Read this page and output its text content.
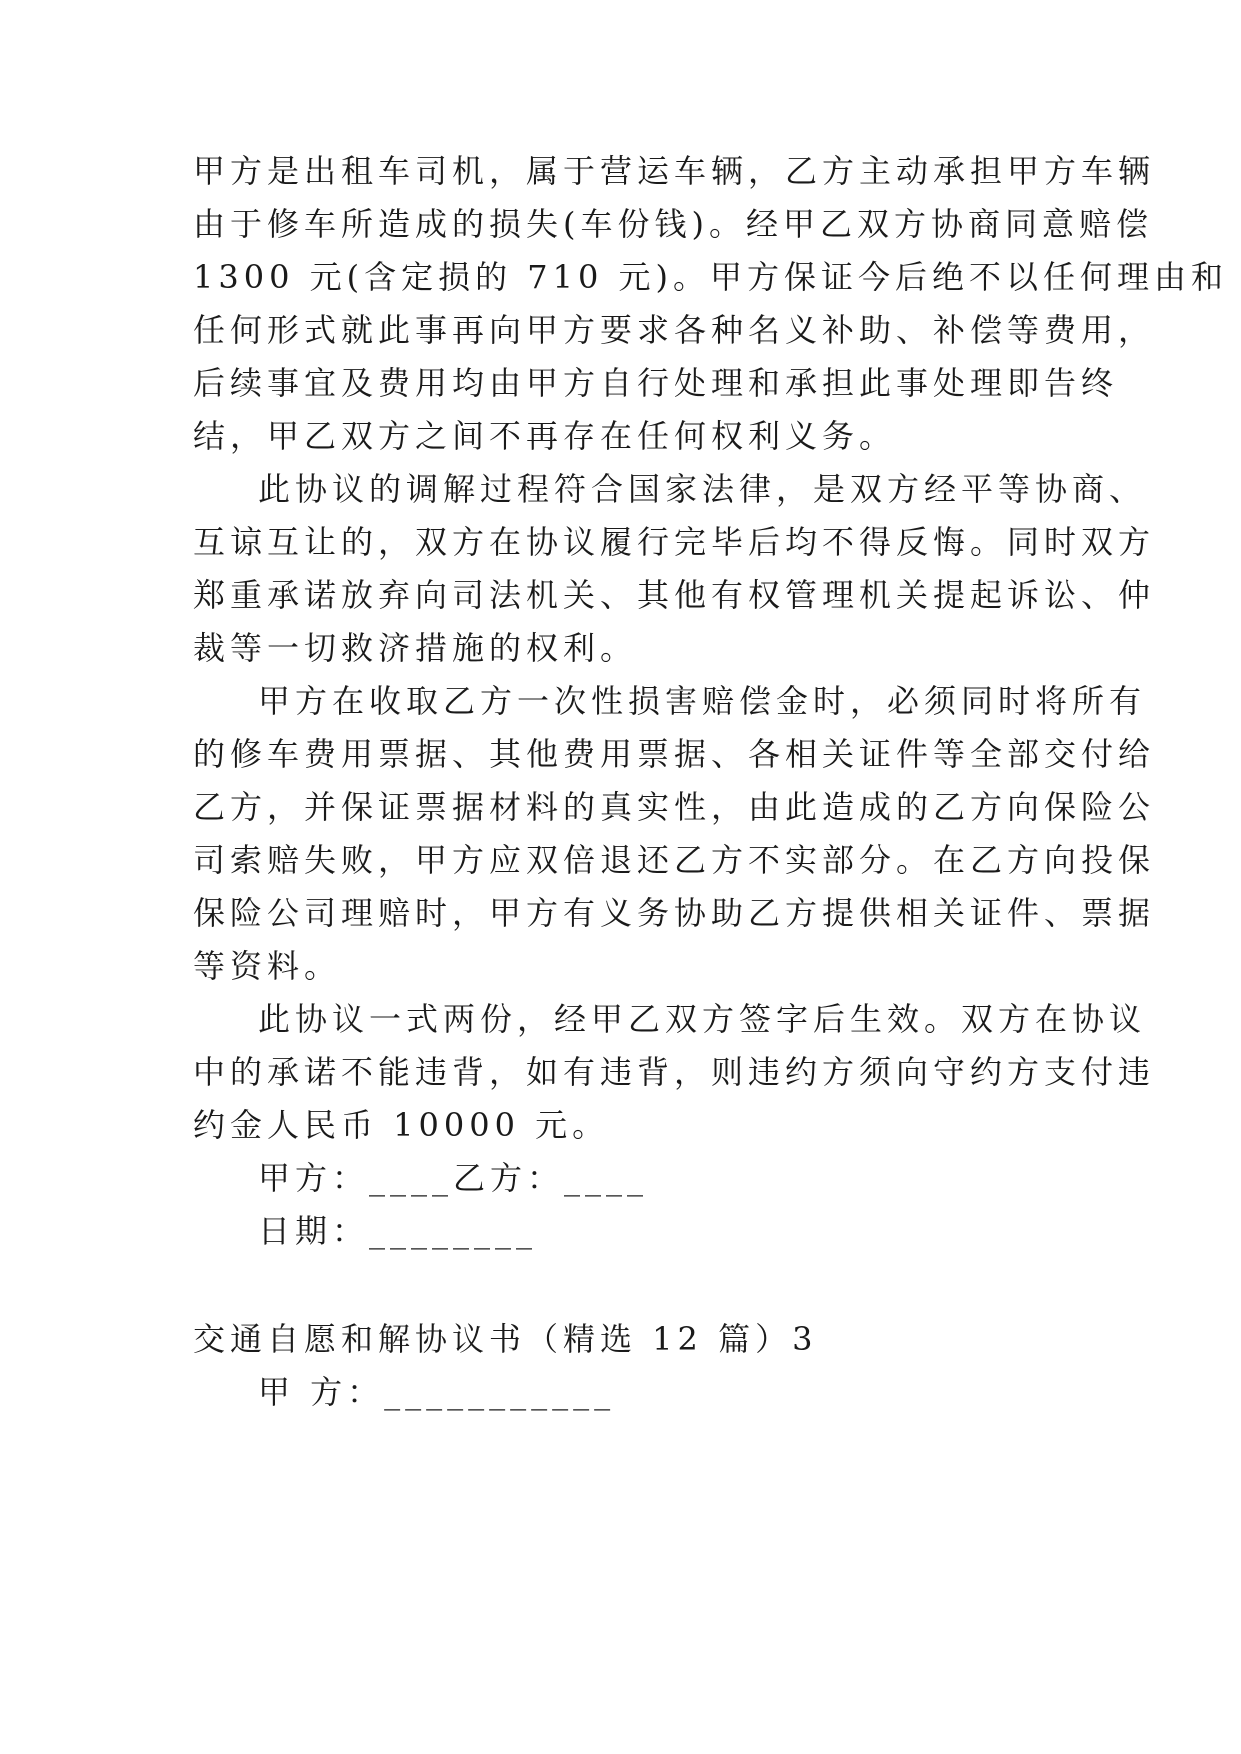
甲方是出租车司机，属于营运车辆，乙方主动承担甲方车辆
由于修车所造成的损失(车份钱)。经甲乙双方协商同意赔偿
1300 元(含定损的 710 元)。甲方保证今后绝不以任何理由和
任何形式就此事再向甲方要求各种名义补助、补偿等费用，
后续事宜及费用均由甲方自行处理和承担此事处理即告终
结，甲乙双方之间不再存在任何权利义务。
此协议的调解过程符合国家法律，是双方经平等协商、
互谅互让的，双方在协议履行完毕后均不得反悔。同时双方
郑重承诺放弃向司法机关、其他有权管理机关提起诉讼、仲
裁等一切救济措施的权利。
甲方在收取乙方一次性损害赔偿金时，必须同时将所有
的修车费用票据、其他费用票据、各相关证件等全部交付给
乙方，并保证票据材料的真实性，由此造成的乙方向保险公
司索赔失败，甲方应双倍退还乙方不实部分。在乙方向投保
保险公司理赔时，甲方有义务协助乙方提供相关证件、票据
等资料。
此协议一式两份，经甲乙双方签字后生效。双方在协议
中的承诺不能违背，如有违背，则违约方须向守约方支付违
约金人民币 10000 元。
甲方：____乙方：____
日期：________
交通自愿和解协议书（精选 12 篇）3
甲 方：___________
